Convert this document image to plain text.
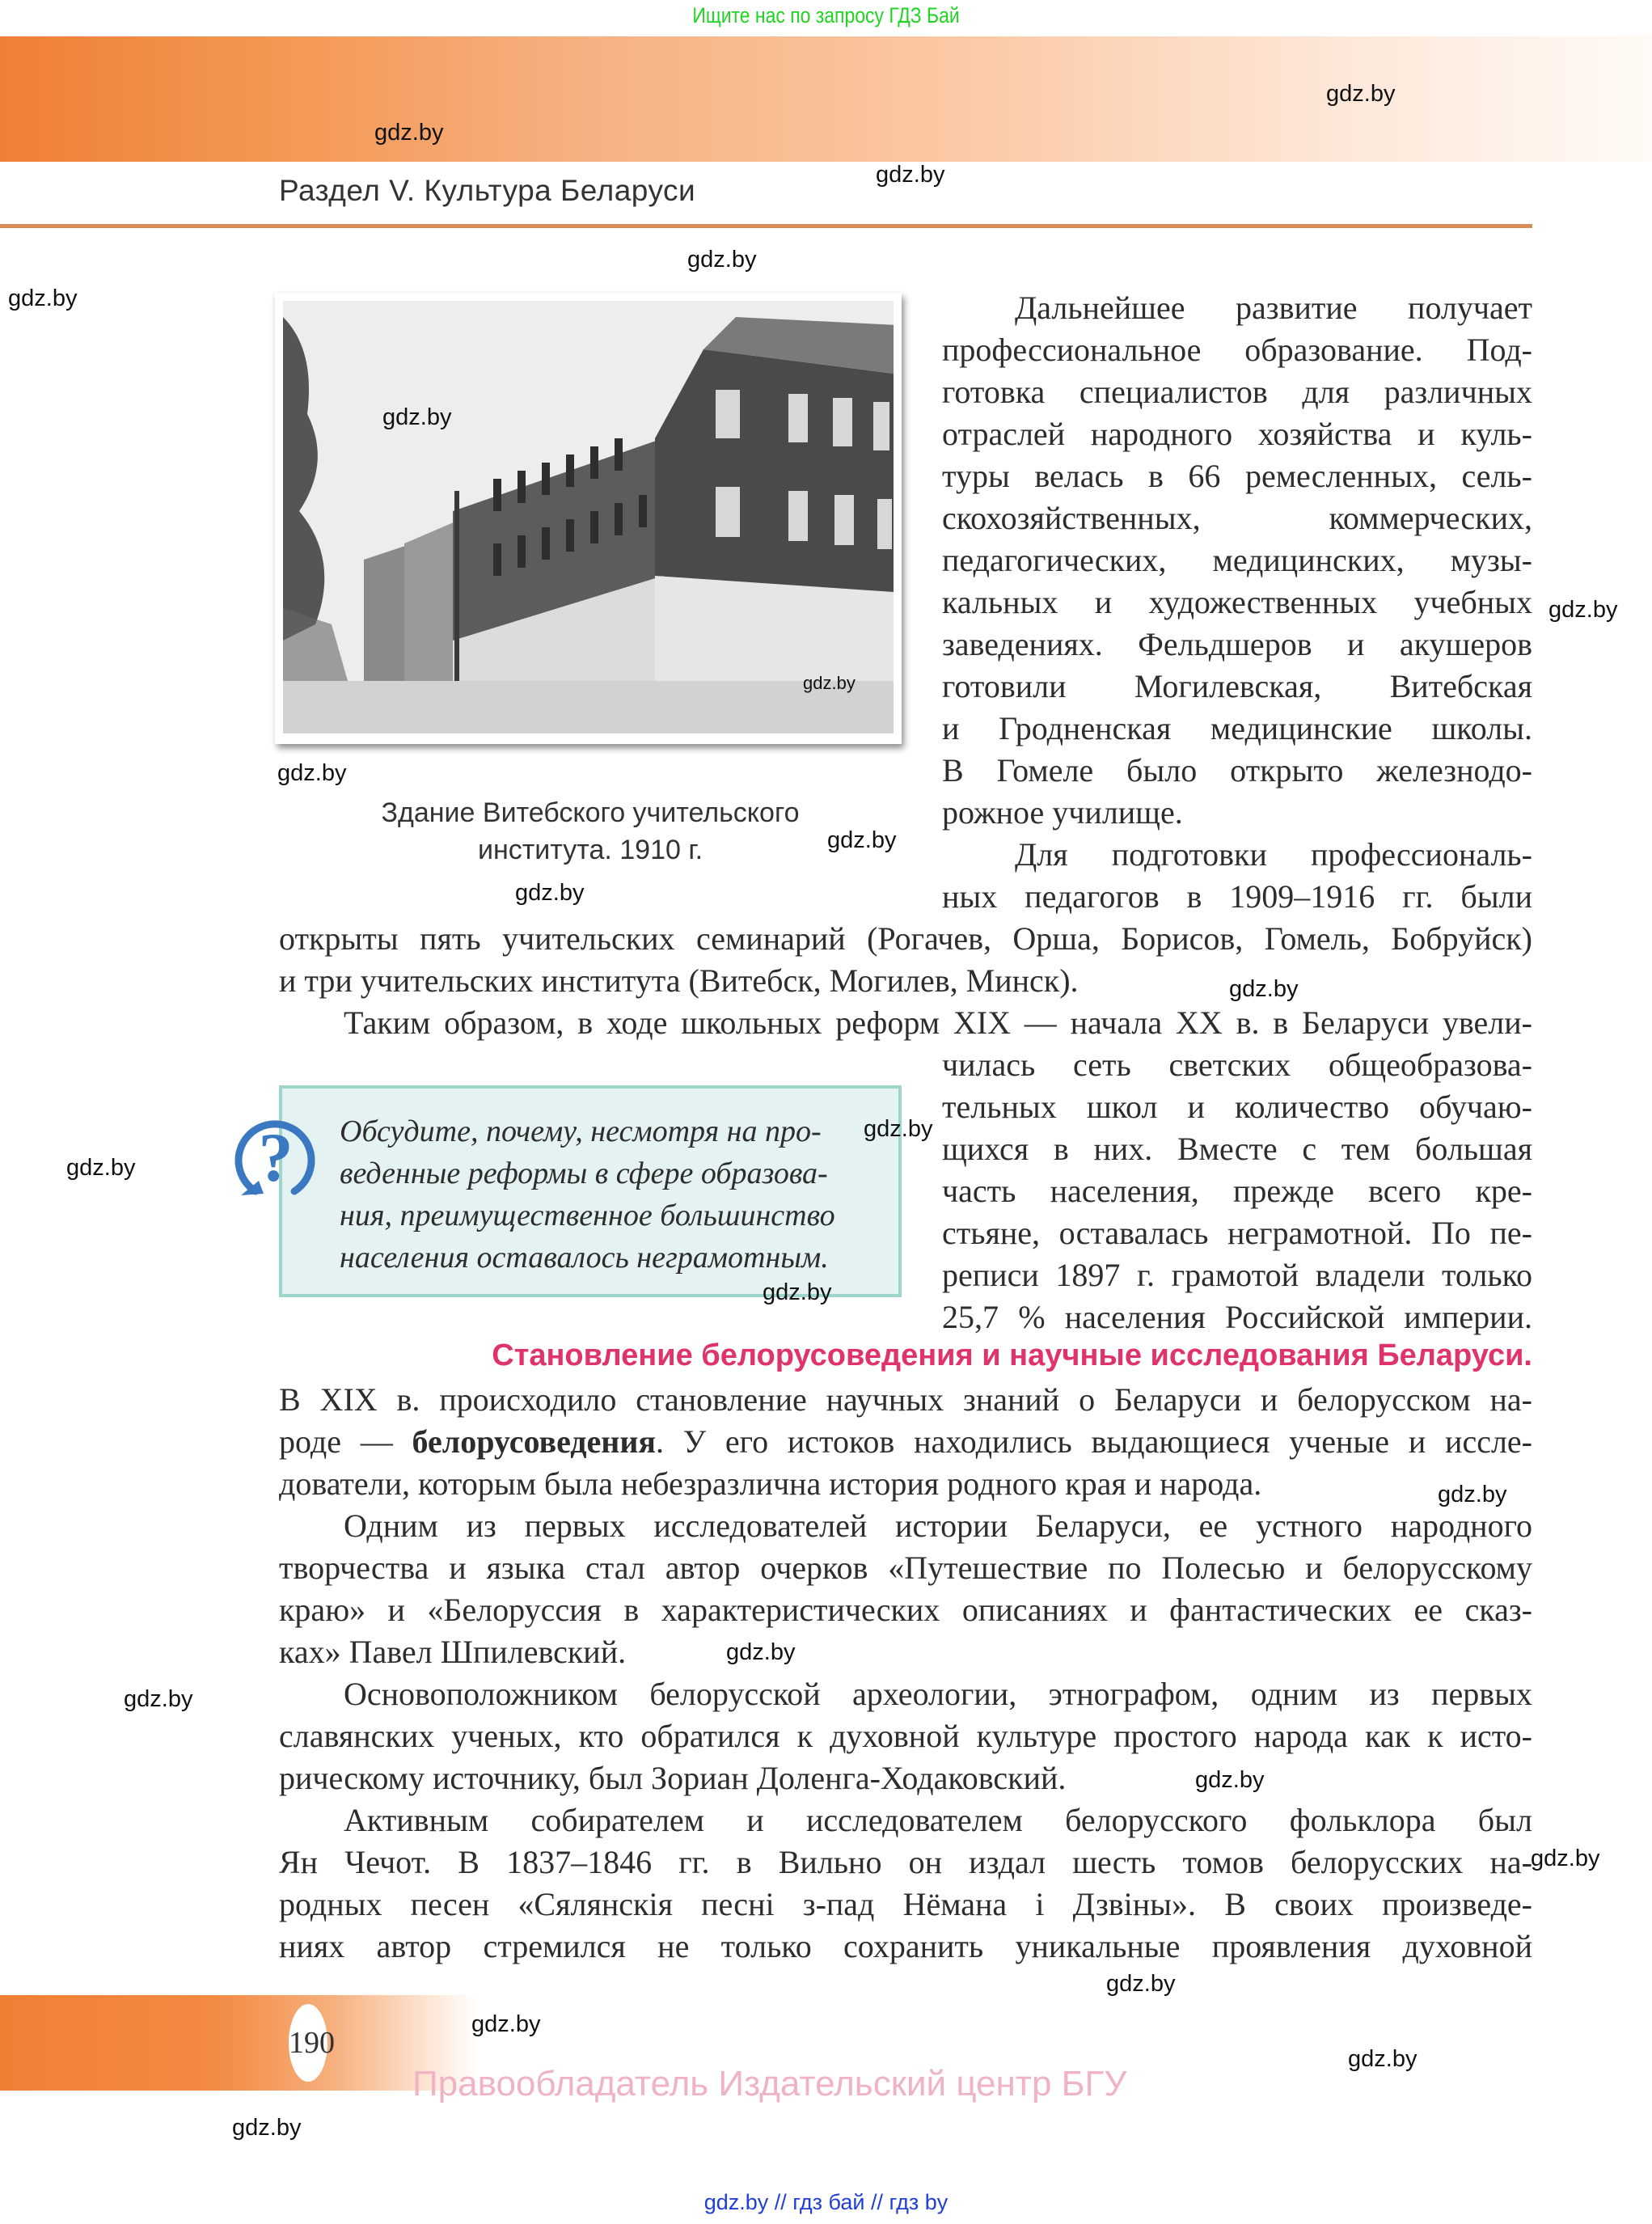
Ищите нас по запросу ГДЗ Бай
Раздел V. Культура Беларуси
Здание Витебского учительского
института. 1910 г.
Дальнейшее развитие получает
профессиональное образование. Под-
готовка специалистов для различных
отраслей народного хозяйства и куль-
туры велась в 66 ремесленных, сель-
скохозяйственных, коммерческих,
педагогических, медицинских, музы-
кальных и художественных учебных
заведениях. Фельдшеров и акушеров
готовили Могилевская, Витебская
и Гродненская медицинские школы.
В Гомеле было открыто железнодо-
рожное училище.
Для подготовки профессиональ-
ных педагогов в 1909–1916 гг. были
открыты пять учительских семинарий (Рогачев, Орша, Борисов, Гомель, Бобруйск)
и три учительских института (Витебск, Могилев, Минск).
Таким образом, в ходе школьных реформ XIX — начала XX в. в Беларуси увели-
чилась сеть светских общеобразова-
тельных школ и количество обучаю-
щихся в них. Вместе с тем большая
часть населения, прежде всего кре-
стьяне, оставалась неграмотной. По пе-
реписи 1897 г. грамотой владели только
25,7 % населения Российской империи.
? Обсудите, почему, несмотря на про-
веденные реформы в сфере образова-
ния, преимущественное большинство
населения оставалось неграмотным.
Становление белорусоведения и научные исследования Беларуси.
В XIX в. происходило становление научных знаний о Беларуси и белорусском на-
роде — белорусоведения. У его истоков находились выдающиеся ученые и иссле-
дователи, которым была небезразлична история родного края и народа.
Одним из первых исследователей истории Беларуси, ее устного народного
творчества и языка стал автор очерков «Путешествие по Полесью и белорусскому
краю» и «Белоруссия в характеристических описаниях и фантастических ее сказ-
ках» Павел Шпилевский.
Основоположником белорусской археологии, этнографом, одним из первых
славянских ученых, кто обратился к духовной культуре простого народа как к исто-
рическому источнику, был Зориан Доленга-Ходаковский.
Активным собирателем и исследователем белорусского фольклора был
Ян Чечот. В 1837–1846 гг. в Вильно он издал шесть томов белорусских на-
родных песен «Сялянскія песні з-пад Нёмана і Дзвіны». В своих произведе-
ниях автор стремился не только сохранить уникальные проявления духовной
190
Правообладатель Издательский центр БГУ
gdz.by // гдз бай // гдз by
gdz.by
gdz.by
gdz.by
gdz.by
gdz.by
gdz.by
gdz.by
gdz.by
gdz.by
gdz.by
gdz.by
gdz.by
gdz.by
gdz.by
gdz.by
gdz.by
gdz.by
gdz.by
gdz.by
gdz.by
gdz.by
gdz.by
gdz.by
gdz.by
